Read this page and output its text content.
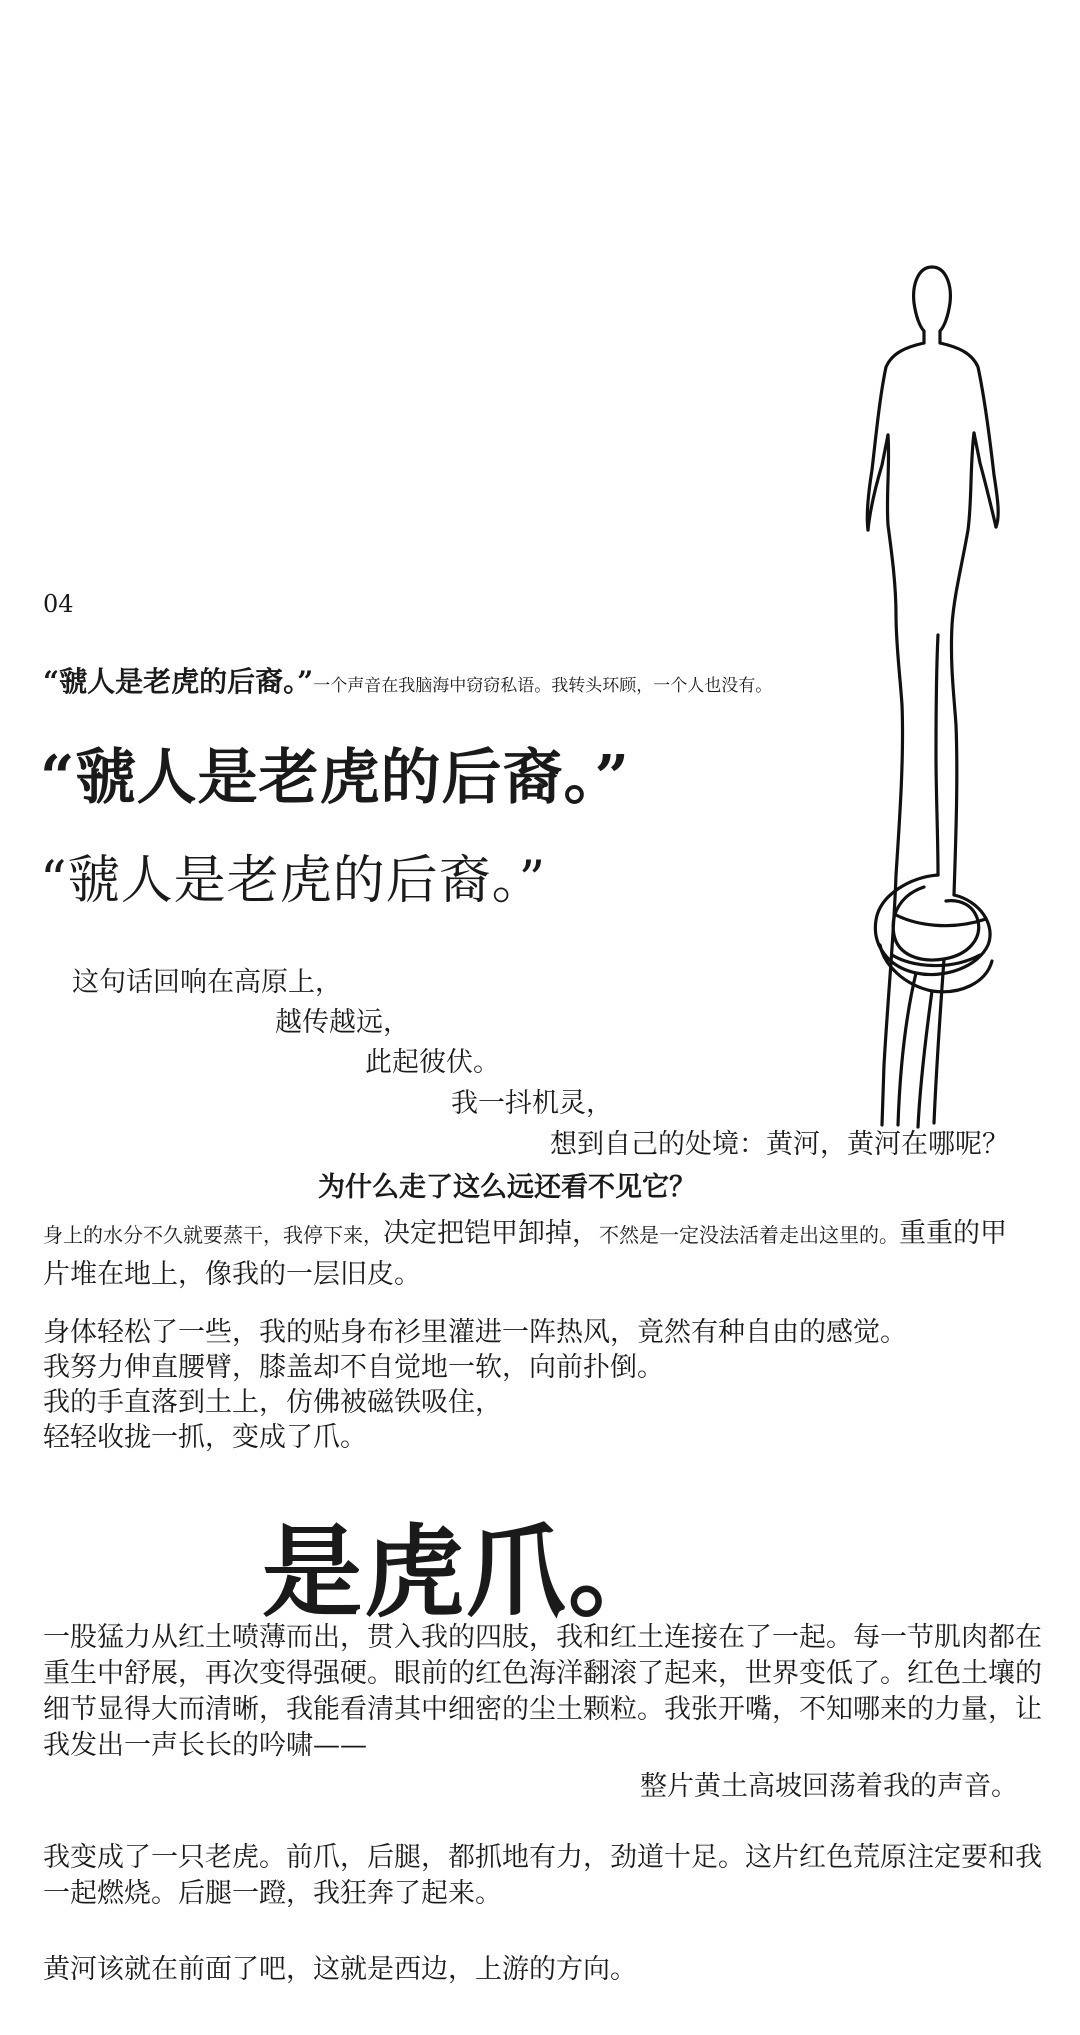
04
“虢人是老虎的后裔。”一个声音在我脑海中窃窃私语。我转头环顾，一个人也没有。
“虢人是老虎的后裔。”
“虢人是老虎的后裔。”
这句话回响在高原上，
越传越远，
此起彼伏。
我一抖机灵，
想到自己的处境：黄河，黄河在哪呢？
为什么走了这么远还看不见它？
身上的水分不久就要蒸干，我停下来，决定把铠甲卸掉，不然是一定没法活着走出这里的。重重的甲片堆在地上，像我的一层旧皮。
身体轻松了一些，我的贴身布衫里灌进一阵热风，竟然有种自由的感觉。
我努力伸直腰臂，膝盖却不自觉地一软，向前扑倒。
我的手直落到土上，仿佛被磁铁吸住，
轻轻收拢一抓，变成了爪。
是虎爪。
一股猛力从红土喷薄而出，贯入我的四肢，我和红土连接在了一起。每一节肌肉都在重生中舒展，再次变得强硬。眼前的红色海洋翻滚了起来，世界变低了。红色土壤的细节显得大而清晰，我能看清其中细密的尘土颗粒。我张开嘴，不知哪来的力量，让我发出一声长长的吟啸——
整片黄土高坡回荡着我的声音。
我变成了一只老虎。前爪，后腿，都抓地有力，劲道十足。这片红色荒原注定要和我一起燃烧。后腿一蹬，我狂奔了起来。
黄河该就在前面了吧，这就是西边，上游的方向。
